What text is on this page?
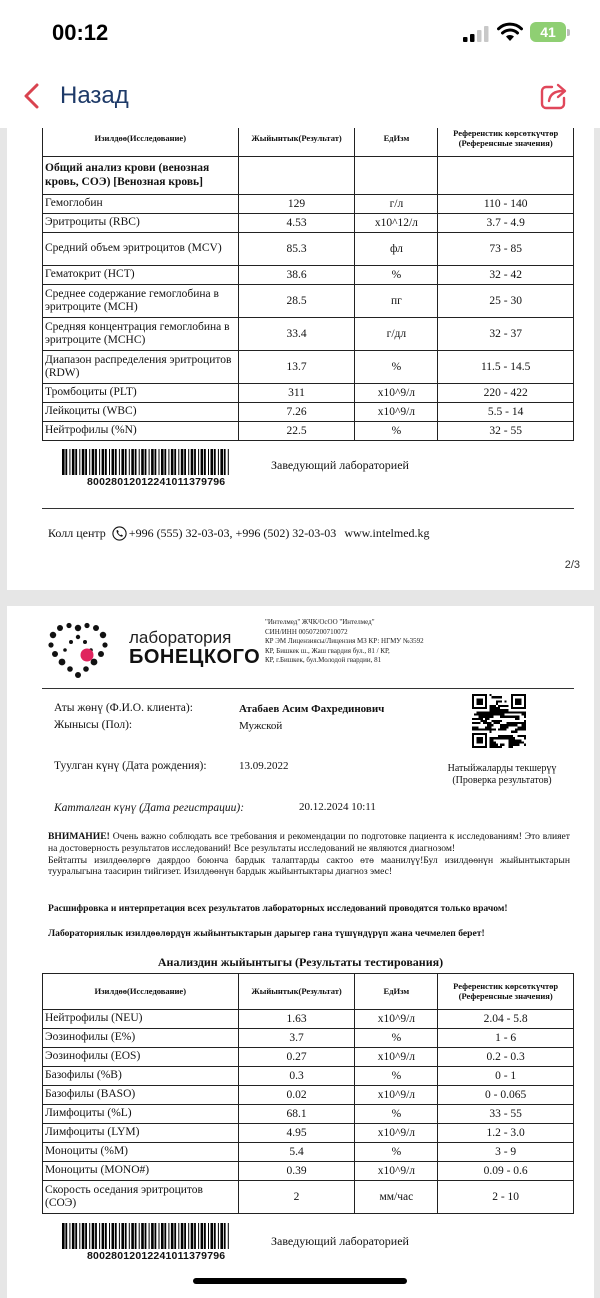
00:12	41
Назад
Изилдөө(Исследование)	Жыйынтык(Результат)	ЕдИзм	Референстик көрсөткүчтөр (Референсные значения)
Общий анализ крови (венозная кровь, СОЭ) [Венозная кровь]			
Гемоглобин	129	г/л	110 - 140
Эритроциты (RBC)	4.53	x10^12/л	3.7 - 4.9
Средний объем эритроцитов (MCV)	85.3	фл	73 - 85
Гематокрит (HCT)	38.6	%	32 - 42
Среднее содержание гемоглобина в эритроците (MCH)	28.5	пг	25 - 30
Средняя концентрация гемоглобина в эритроците (MCHC)	33.4	г/дл	32 - 37
Диапазон распределения эритроцитов (RDW)	13.7	%	11.5 - 14.5
Тромбоциты (PLT)	311	x10^9/л	220 - 422
Лейкоциты (WBC)	7.26	x10^9/л	5.5 - 14
Нейтрофилы (%N)	22.5	%	32 - 55
80028012012241011379796
Заведующий лабораторией
Колл центр +996 (555) 32-03-03, +996 (502) 32-03-03 www.intelmed.kg
2/3
лаборатория
БОНЕЦКОГО
"Интелмед" ЖЧК/ОсОО "Интелмед"
СИН/ИНН 00507200710072
КР ЭМ Лицензиясы/Лицензия МЗ КР: НГМУ №3592
КР, Бишкек ш., Жаш гвардия бул., 81 / КР,
КР, г.Бишкек, бул.Молодой гвардии, 81
Аты жөнү (Ф.И.О. клиента):	Атабаев Асим Фахрединович
Жынысы (Пол):	Мужской
Туулган күнү (Дата рождения):	13.09.2022
Катталган күнү (Дата регистрации):	20.12.2024 10:11
Натыйжаларды текшерүү
(Проверка результатов)
ВНИМАНИЕ! Очень важно соблюдать все требования и рекомендации по подготовке пациента к исследованиям! Это влияет на достоверность результатов исследований! Все результаты исследований не являются диагнозом!
Бейтапты изилдөөлөргө даярдоо боюнча бардык талаптарды сактоо өтө маанилүү!Бул изилдөөнүн жыйынтыктарын тууралыгына таасирин тийгизет. Изилдөөнүн бардык жыйынтыктары диагноз эмес!
Расшифровка и интерпретация всех результатов лабораторных исследований проводятся только врачом!
Лабораториялык изилдөөлөрдүн жыйынтыктарын дарыгер гана түшүндүрүп жана чечмелеп берет!
Анализдин жыйынтыгы (Результаты тестирования)
Изилдөө(Исследование)	Жыйынтык(Результат)	ЕдИзм	Референстик көрсөткүчтөр (Референсные значения)
Нейтрофилы (NEU)	1.63	x10^9/л	2.04 - 5.8
Эозинофилы (E%)	3.7	%	1 - 6
Эозинофилы (EOS)	0.27	x10^9/л	0.2 - 0.3
Базофилы (%B)	0.3	%	0 - 1
Базофилы (BASO)	0.02	x10^9/л	0 - 0.065
Лимфоциты (%L)	68.1	%	33 - 55
Лимфоциты (LYM)	4.95	x10^9/л	1.2 - 3.0
Моноциты (%M)	5.4	%	3 - 9
Моноциты (MONO#)	0.39	x10^9/л	0.09 - 0.6
Скорость оседания эритроцитов (СОЭ)	2	мм/час	2 - 10
80028012012241011379796
Заведующий лабораторией
